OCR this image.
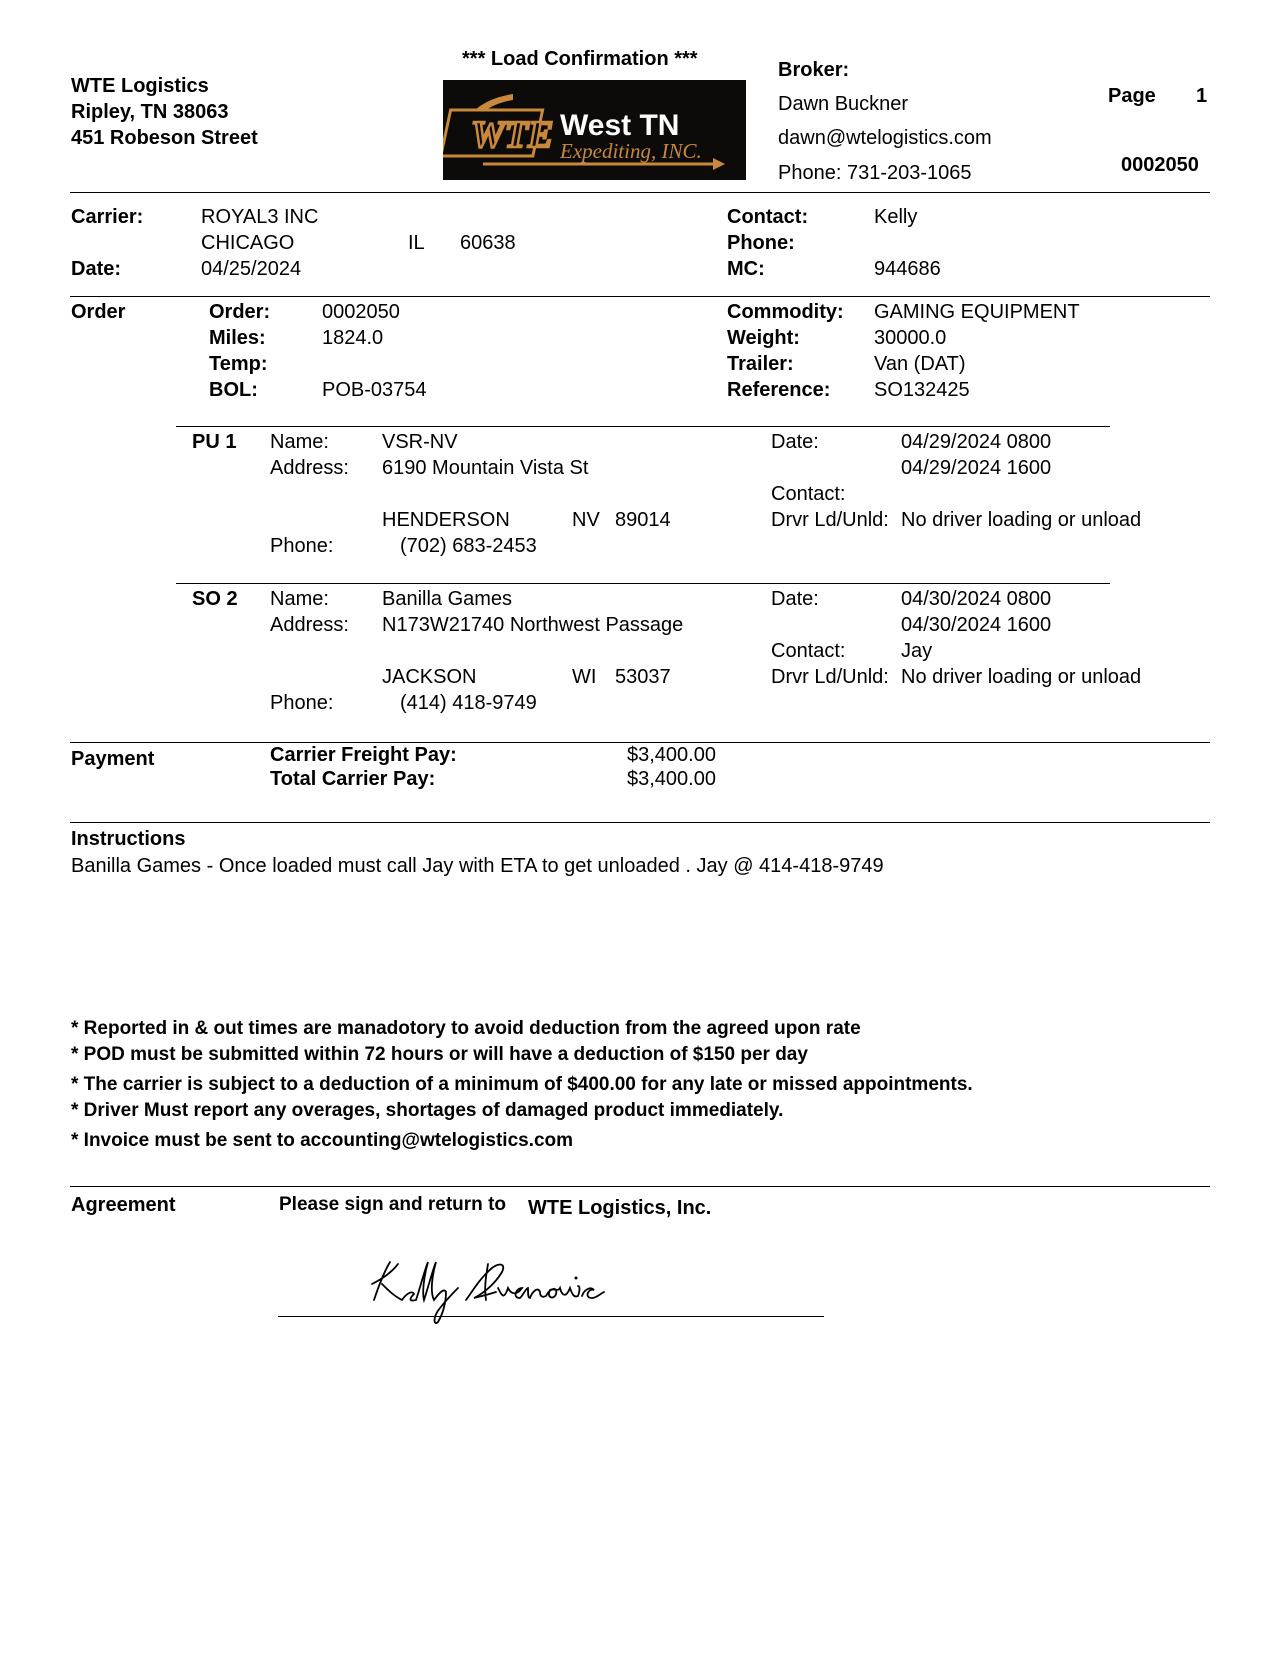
*** Load Confirmation ***
WTE Logistics
Ripley, TN 38063
451 Robeson Street	WTE West TN
Expediting, INC.
Broker:
Dawn Buckner
dawn@wtelogistics.com
Phone: 731-203-1065
Page 1
0002050
Carrier:	ROYAL3 INC
CHICAGO	IL 60638
Date:	04/25/2024
Contact:	Kelly
Phone:
MC:	944686
Order	Order:	0002050
Miles:	1824.0
Temp:
BOL:	POB-03754
Commodity: GAMING EQUIPMENT
Weight:	30000.0
Trailer:	Van (DAT)
Reference: SO132425
PU 1 Name:	VSR-NV
Address: 6190 Mountain Vista St
HENDERSON	NV 89014
Phone:	(702) 683-2453
Date:	04/29/2024 0800
04/29/2024 1600
Contact:
Drvr Ld/Unld: No driver loading or unload
SO 2 Name:	Banilla Games
Address: N173W21740 Northwest Passage
JACKSON	WI 53037
Phone:	(414) 418-9749
Date:	04/30/2024 0800
04/30/2024 1600
Contact:	Jay
Drvr Ld/Unld: No driver loading or unload
Payment	Carrier Freight Pay:	$3,400.00
Total Carrier Pay:	$3,400.00
Instructions
Banilla Games - Once loaded must call Jay with ETA to get unloaded . Jay @ 414-418-9749
* Reported in & out times are manadotory to avoid deduction from the agreed upon rate
* POD must be submitted within 72 hours or will have a deduction of $150 per day
* The carrier is subject to a deduction of a minimum of $400.00 for any late or missed appointments.
* Driver Must report any overages, shortages of damaged product immediately.
* Invoice must be sent to accounting@wtelogistics.com
Agreement	Please sign and return to WTE Logistics, Inc.
